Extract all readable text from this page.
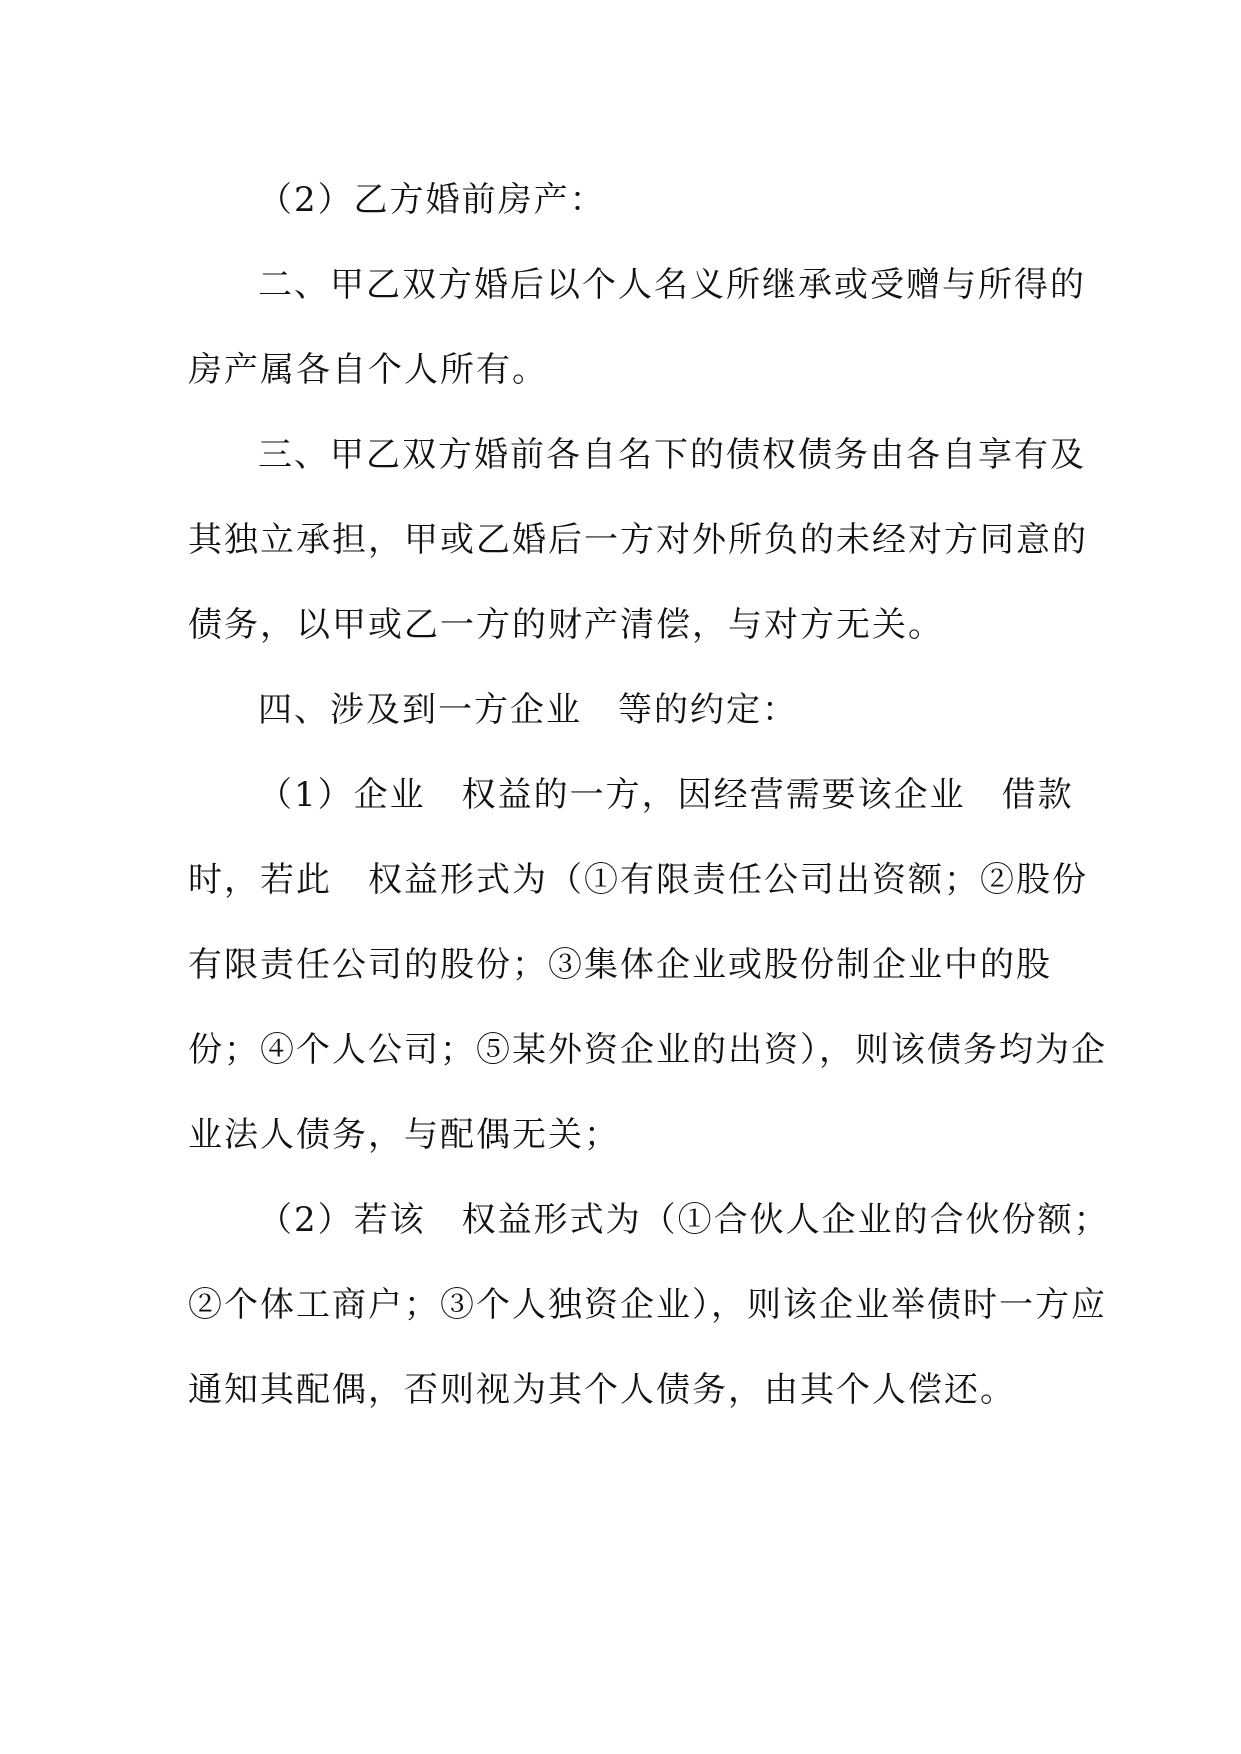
（2）乙方婚前房产：
二、甲乙双方婚后以个人名义所继承或受赠与所得的
房产属各自个人所有。
三、甲乙双方婚前各自名下的债权债务由各自享有及
其独立承担，甲或乙婚后一方对外所负的未经对方同意的
债务，以甲或乙一方的财产清偿，与对方无关。
四、涉及到一方企业　等的约定：
（1）企业　权益的一方，因经营需要该企业　借款
时，若此　权益形式为（①有限责任公司出资额；②股份
有限责任公司的股份；③集体企业或股份制企业中的股
份；④个人公司；⑤某外资企业的出资），则该债务均为企
业法人债务，与配偶无关；
（2）若该　权益形式为（①合伙人企业的合伙份额；
②个体工商户；③个人独资企业），则该企业举债时一方应
通知其配偶，否则视为其个人债务，由其个人偿还。
